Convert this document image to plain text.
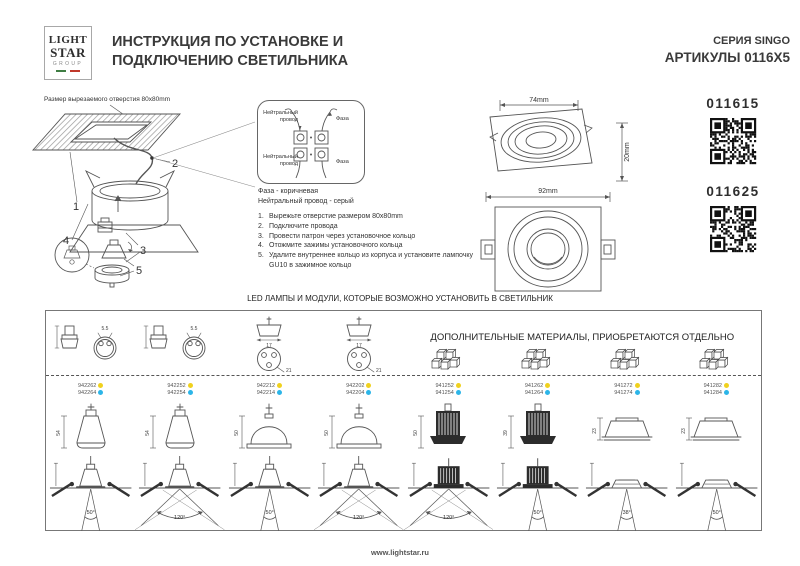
LIGHT
STAR
GROUP
ИНСТРУКЦИЯ ПО УСТАНОВКЕ И
ПОДКЛЮЧЕНИЮ СВЕТИЛЬНИКА
СЕРИЯ SINGO
АРТИКУЛЫ 0116X5
Размер вырезаемого отверстия 80x80mm
1
2
3
4
5
Нейтральный провод	Фаза
Нейтральный провод	Фаза
Фаза - коричневая
Нейтральный провод - серый
1. Вырежьте отверстие размером 80x80mm
2. Подключите провода
3. Провести патрон через установочное кольцо
4. Отожмите зажимы установочного кольца
5. Удалите внутреннее кольцо из корпуса и установите лампочку GU10 в зажимное кольцо
74mm
20mm
92mm
011615
011625
LED ЛАМПЫ И МОДУЛИ, КОТОРЫЕ ВОЗМОЖНО УСТАНОВИТЬ В СВЕТИЛЬНИК
5.5
942262
942264
54
50°
5.5
942252
942254
54
120°
17
21
942212
942214
50
50°
17
21
942202
942204
50
120°
941252
941254
50
120°
941262
941264
39
50°
941272
941274
23
38°
941282
941284
23
50°
ДОПОЛНИТЕЛЬНЫЕ МАТЕРИАЛЫ, ПРИОБРЕТАЮТСЯ ОТДЕЛЬНО
www.lightstar.ru
